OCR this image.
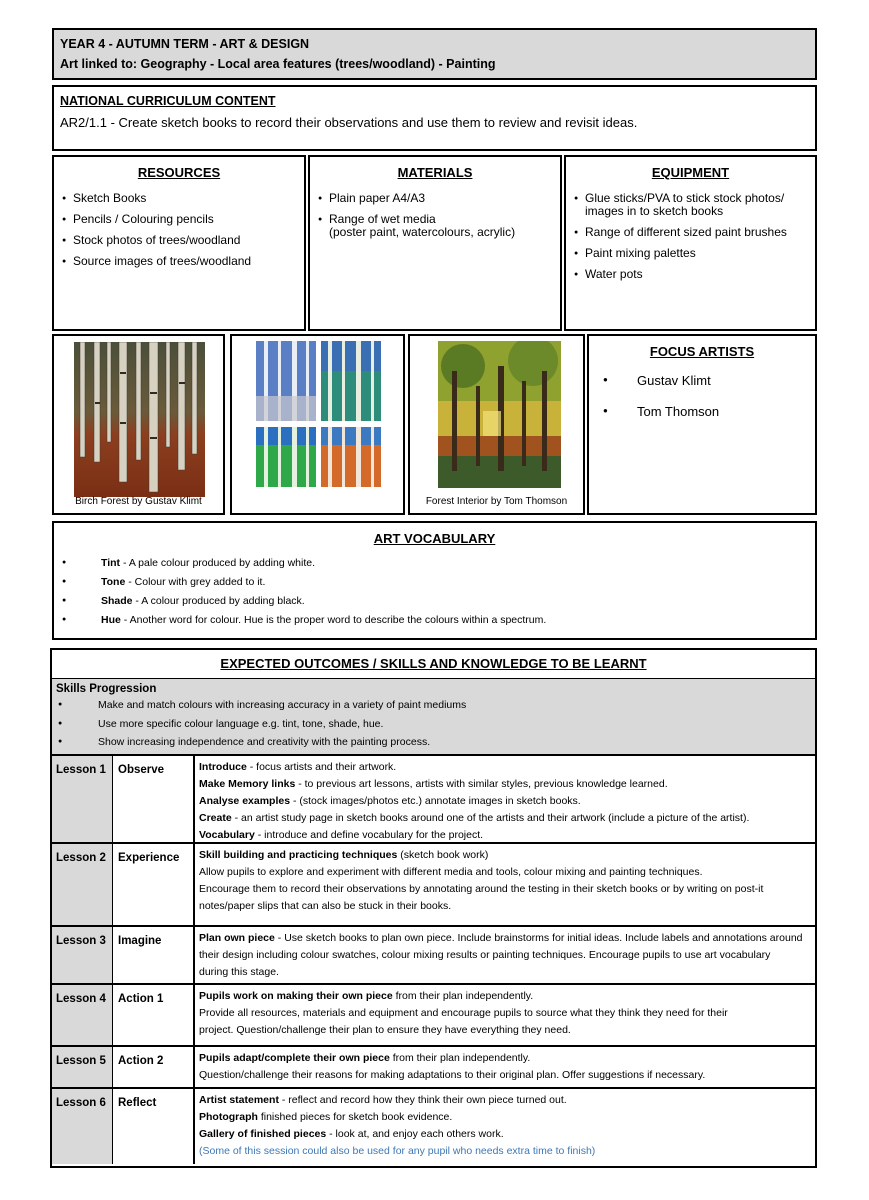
YEAR 4 - AUTUMN TERM - ART & DESIGN
Art linked to: Geography - Local area features (trees/woodland) - Painting
NATIONAL CURRICULUM CONTENT
AR2/1.1 - Create sketch books to record their observations and use them to review and revisit ideas.
RESOURCES
● Sketch Books
● Pencils / Colouring pencils
● Stock photos of trees/woodland
● Source images of trees/woodland
MATERIALS
● Plain paper A4/A3
● Range of wet media
(poster paint, watercolours, acrylic)
EQUIPMENT
● Glue sticks/PVA to stick stock photos/ images in to sketch books
● Range of different sized paint brushes
● Paint mixing palettes
● Water pots
Birch Forest by Gustav Klimt	Forest Interior by Tom Thomson
FOCUS ARTISTS
● Gustav Klimt
● Tom Thomson
ART VOCABULARY
● Tint - A pale colour produced by adding white.
● Tone - Colour with grey added to it.
● Shade - A colour produced by adding black.
● Hue - Another word for colour. Hue is the proper word to describe the colours within a spectrum.
EXPECTED OUTCOMES / SKILLS AND KNOWLEDGE TO BE LEARNT
Skills Progression
● Make and match colours with increasing accuracy in a variety of paint mediums
● Use more specific colour language e.g. tint, tone, shade, hue.
● Show increasing independence and creativity with the painting process.
Lesson 1	Observe	Introduce - focus artists and their artwork.
Make Memory links - to previous art lessons, artists with similar styles, previous knowledge learned.
Analyse examples - (stock images/photos etc.) annotate images in sketch books.
Create - an artist study page in sketch books around one of the artists and their artwork (include a picture of the artist).
Vocabulary - introduce and define vocabulary for the project.
Lesson 2	Experience	Skill building and practicing techniques (sketch book work)
Allow pupils to explore and experiment with different media and tools, colour mixing and painting techniques.
Encourage them to record their observations by annotating around the testing in their sketch books or by writing on post-it
notes/paper slips that can also be stuck in their books.
Lesson 3	Imagine	Plan own piece - Use sketch books to plan own piece. Include brainstorms for initial ideas. Include labels and annotations around
their design including colour swatches, colour mixing results or painting techniques. Encourage pupils to use art vocabulary
during this stage.
Lesson 4	Action 1	Pupils work on making their own piece from their plan independently.
Provide all resources, materials and equipment and encourage pupils to source what they think they need for their
project. Question/challenge their plan to ensure they have everything they need.
Lesson 5	Action 2	Pupils adapt/complete their own piece from their plan independently.
Question/challenge their reasons for making adaptations to their original plan. Offer suggestions if necessary.
Lesson 6	Reflect	Artist statement - reflect and record how they think their own piece turned out.
Photograph finished pieces for sketch book evidence.
Gallery of finished pieces - look at, and enjoy each others work.
(Some of this session could also be used for any pupil who needs extra time to finish)
